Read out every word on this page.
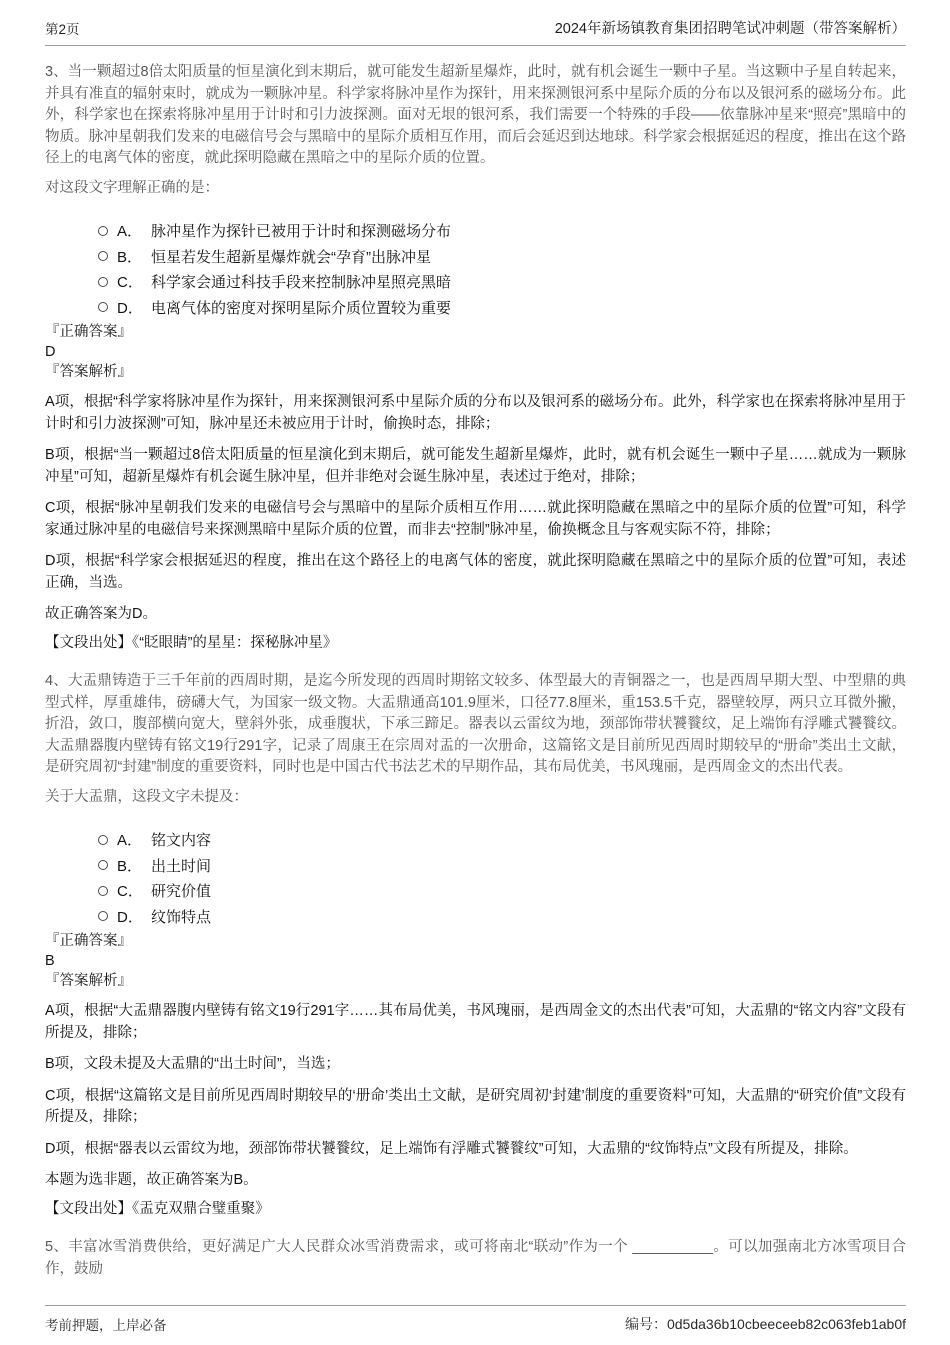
第2页	2024年新场镇教育集团招聘笔试冲刺题（带答案解析）

3、当一颗超过8倍太阳质量的恒星演化到末期后，就可能发生超新星爆炸，此时，就有机会诞生一颗中子星。当这颗中子星自转起来，并具有准直的辐射束时，就成为一颗脉冲星。科学家将脉冲星作为探针，用来探测银河系中星际介质的分布以及银河系的磁场分布。此外，科学家也在探索将脉冲星用于计时和引力波探测。面对无垠的银河系，我们需要一个特殊的手段——依靠脉冲星来“照亮”黑暗中的物质。脉冲星朝我们发来的电磁信号会与黑暗中的星际介质相互作用，而后会延迟到达地球。科学家会根据延迟的程度，推出在这个路径上的电离气体的密度，就此探明隐藏在黑暗之中的星际介质的位置。

对这段文字理解正确的是：

A． 脉冲星作为探针已被用于计时和探测磁场分布
B． 恒星若发生超新星爆炸就会“孕育”出脉冲星
C． 科学家会通过科技手段来控制脉冲星照亮黑暗
D． 电离气体的密度对探明星际介质位置较为重要

『正确答案』

D

『答案解析』

A项，根据“科学家将脉冲星作为探针，用来探测银河系中星际介质的分布以及银河系的磁场分布。此外，科学家也在探索将脉冲星用于计时和引力波探测”可知，脉冲星还未被应用于计时，偷换时态，排除；

B项，根据“当一颗超过8倍太阳质量的恒星演化到末期后，就可能发生超新星爆炸，此时，就有机会诞生一颗中子星……就成为一颗脉冲星”可知，超新星爆炸有机会诞生脉冲星，但并非绝对会诞生脉冲星，表述过于绝对，排除；

C项，根据“脉冲星朝我们发来的电磁信号会与黑暗中的星际介质相互作用……就此探明隐藏在黑暗之中的星际介质的位置”可知，科学家通过脉冲星的电磁信号来探测黑暗中星际介质的位置，而非去“控制”脉冲星，偷换概念且与客观实际不符，排除；

D项，根据“科学家会根据延迟的程度，推出在这个路径上的电离气体的密度，就此探明隐藏在黑暗之中的星际介质的位置”可知，表述正确，当选。

故正确答案为D。

【文段出处】《“眨眼睛”的星星：探秘脉冲星》

4、大盂鼎铸造于三千年前的西周时期，是迄今所发现的西周时期铭文较多、体型最大的青铜器之一，也是西周早期大型、中型鼎的典型式样，厚重雄伟，磅礴大气，为国家一级文物。大盂鼎通高101.9厘米，口径77.8厘米，重153.5千克，器壁较厚，两只立耳微外撇，折沿，敛口，腹部横向宽大，壁斜外张，成垂腹状，下承三蹄足。器表以云雷纹为地，颈部饰带状饕餮纹，足上端饰有浮雕式饕餮纹。大盂鼎器腹内壁铸有铭文19行291字，记录了周康王在宗周对盂的一次册命，这篇铭文是目前所见西周时期较早的“册命”类出土文献，是研究周初“封建”制度的重要资料，同时也是中国古代书法艺术的早期作品，其布局优美，书风瑰丽，是西周金文的杰出代表。

关于大盂鼎，这段文字未提及：

A． 铭文内容
B． 出土时间
C． 研究价值
D． 纹饰特点

『正确答案』

B

『答案解析』

A项，根据“大盂鼎器腹内壁铸有铭文19行291字……其布局优美，书风瑰丽，是西周金文的杰出代表”可知，大盂鼎的“铭文内容”文段有所提及，排除；

B项，文段未提及大盂鼎的“出土时间”，当选；

C项，根据“这篇铭文是目前所见西周时期较早的‘册命’类出土文献，是研究周初‘封建’制度的重要资料”可知，大盂鼎的“研究价值”文段有所提及，排除；

D项，根据“器表以云雷纹为地，颈部饰带状饕餮纹，足上端饰有浮雕式饕餮纹”可知，大盂鼎的“纹饰特点”文段有所提及，排除。

本题为选非题，故正确答案为B。

【文段出处】《盂克双鼎合璧重聚》

5、丰富冰雪消费供给，更好满足广大人民群众冰雪消费需求，或可将南北“联动”作为一个 __________。可以加强南北方冰雪项目合作，鼓励

考前押题，上岸必备	编号：0d5da36b10cbeeceeb82c063feb1ab0f
